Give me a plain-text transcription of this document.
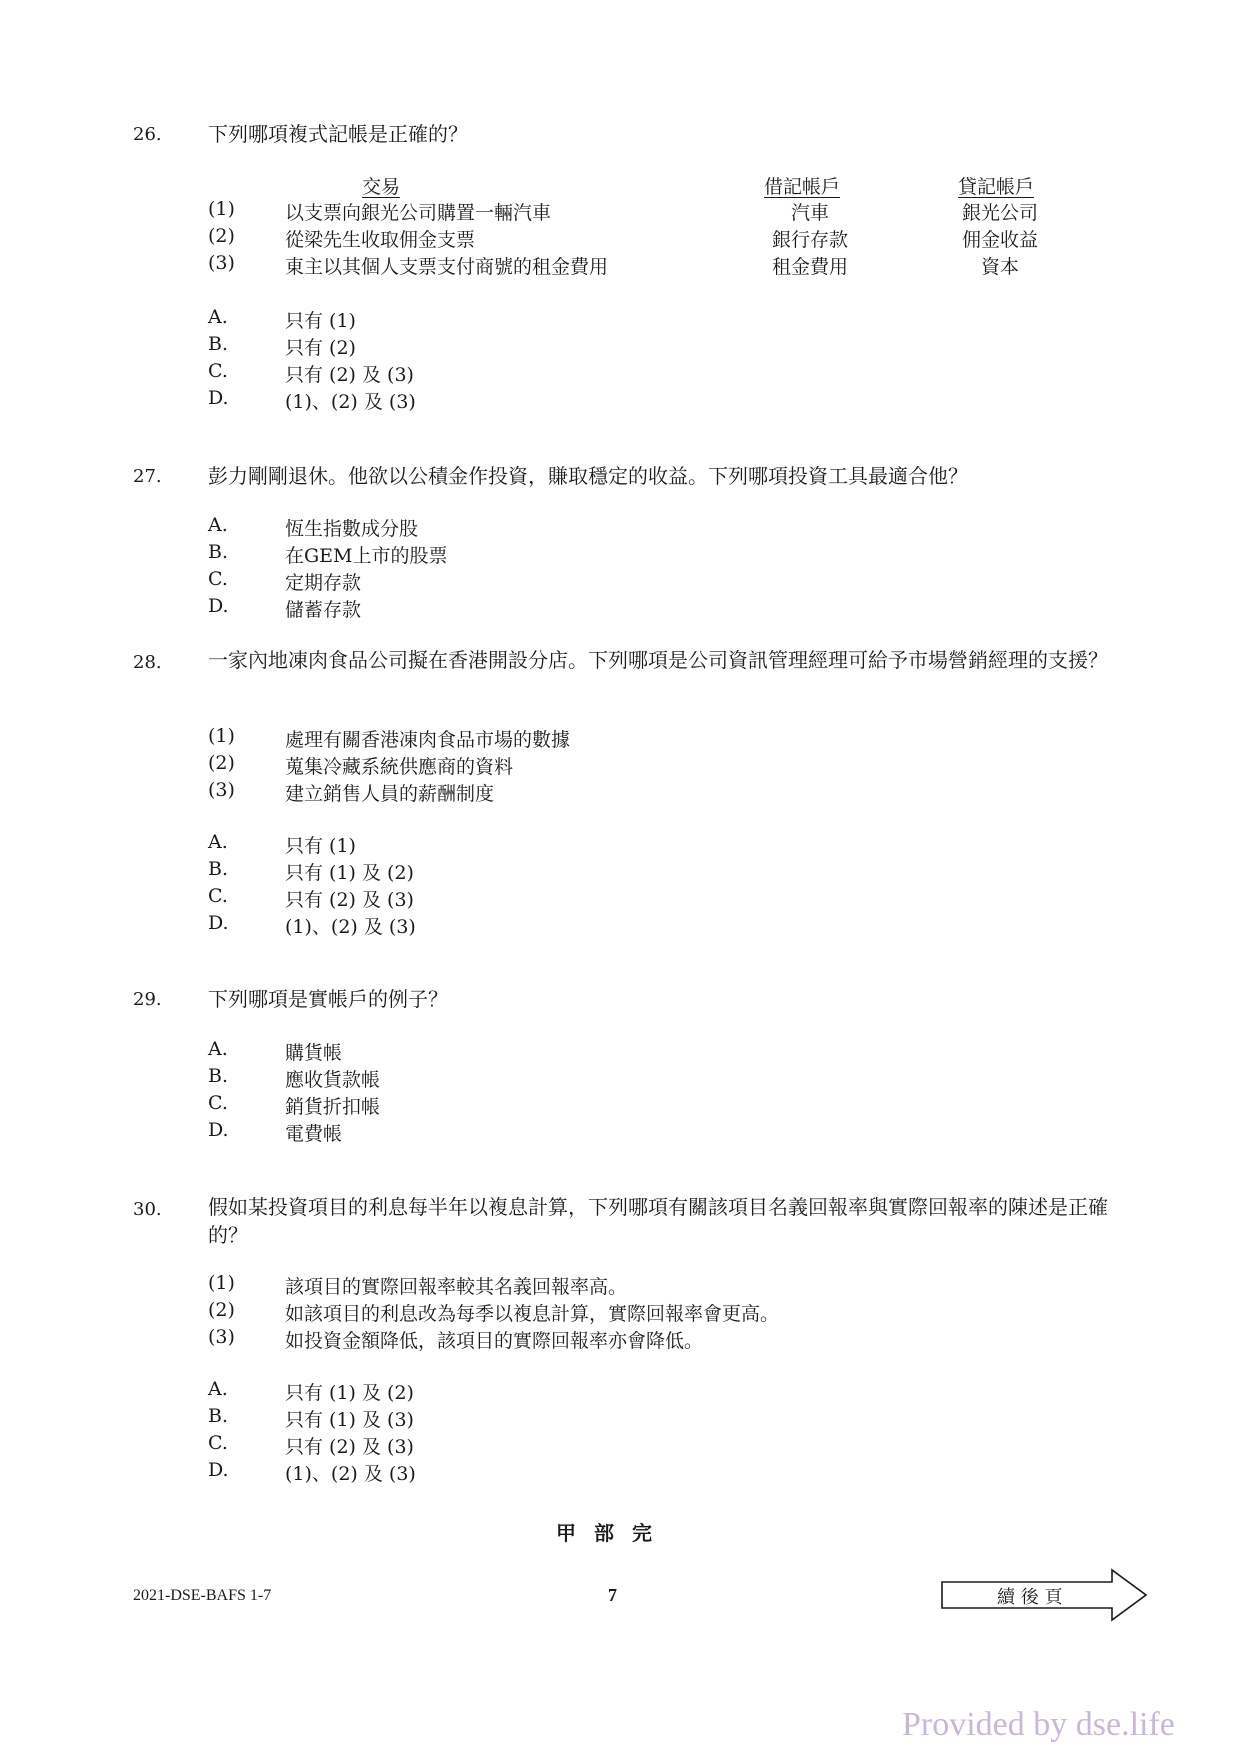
26. 下列哪項複式記帳是正確的？
交易	借記帳戶	貸記帳戶
(1)	以支票向銀光公司購置一輛汽車	汽車	銀光公司
(2)	從梁先生收取佣金支票	銀行存款	佣金收益
(3)	東主以其個人支票支付商號的租金費用	租金費用	資本
A.	只有 (1)
B.	只有 (2)
C.	只有 (2) 及 (3)
D.	(1)、(2) 及 (3)
27. 彭力剛剛退休。他欲以公積金作投資，賺取穩定的收益。下列哪項投資工具最適合他？
A.	恆生指數成分股
B.	在GEM上市的股票
C.	定期存款
D.	儲蓄存款
28. 一家內地凍肉食品公司擬在香港開設分店。下列哪項是公司資訊管理經理可給予市場營銷經理的支援？
(1)	處理有關香港凍肉食品市場的數據
(2)	蒐集冷藏系統供應商的資料
(3)	建立銷售人員的薪酬制度
A.	只有 (1)
B.	只有 (1) 及 (2)
C.	只有 (2) 及 (3)
D.	(1)、(2) 及 (3)
29. 下列哪項是實帳戶的例子？
A.	購貨帳
B.	應收貨款帳
C.	銷貨折扣帳
D.	電費帳
30. 假如某投資項目的利息每半年以複息計算，下列哪項有關該項目名義回報率與實際回報率的陳述是正確的？
(1)	該項目的實際回報率較其名義回報率高。
(2)	如該項目的利息改為每季以複息計算，實際回報率會更高。
(3)	如投資金額降低，該項目的實際回報率亦會降低。
A.	只有 (1) 及 (2)
B.	只有 (1) 及 (3)
C.	只有 (2) 及 (3)
D.	(1)、(2) 及 (3)
甲部完
2021-DSE-BAFS 1-7	7	續 後 頁
Provided by dse.life
